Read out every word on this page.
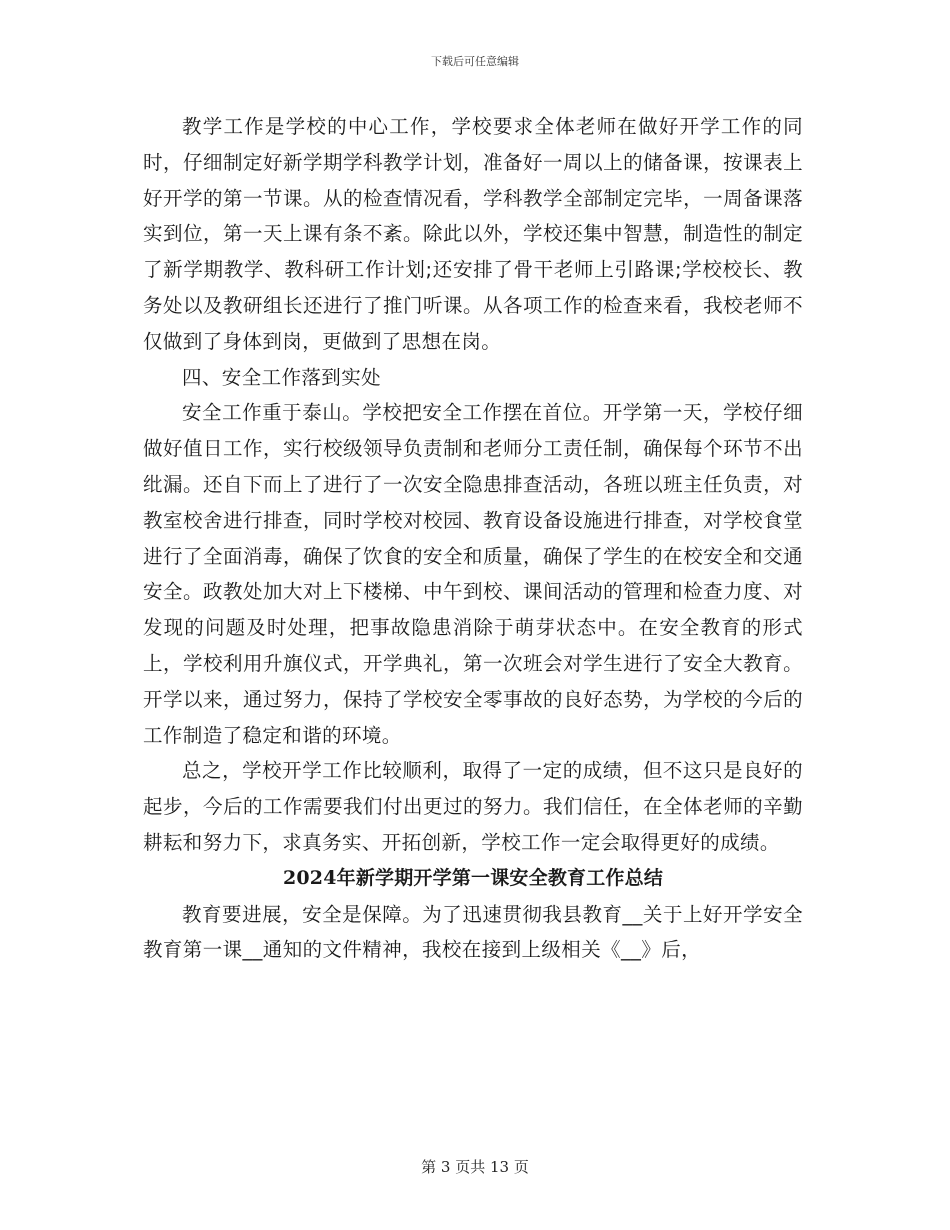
下载后可任意编辑

教学工作是学校的中心工作，学校要求全体老师在做好开学工作的同时，仔细制定好新学期学科教学计划，准备好一周以上的储备课，按课表上好开学的第一节课。从的检查情况看，学科教学全部制定完毕，一周备课落实到位，第一天上课有条不紊。除此以外，学校还集中智慧，制造性的制定了新学期教学、教科研工作计划;还安排了骨干老师上引路课;学校校长、教务处以及教研组长还进行了推门听课。从各项工作的检查来看，我校老师不仅做到了身体到岗，更做到了思想在岗。

四、安全工作落到实处

安全工作重于泰山。学校把安全工作摆在首位。开学第一天，学校仔细做好值日工作，实行校级领导负责制和老师分工责任制，确保每个环节不出纰漏。还自下而上了进行了一次安全隐患排查活动，各班以班主任负责，对教室校舍进行排查，同时学校对校园、教育设备设施进行排查，对学校食堂进行了全面消毒，确保了饮食的安全和质量，确保了学生的在校安全和交通安全。政教处加大对上下楼梯、中午到校、课间活动的管理和检查力度、对发现的问题及时处理，把事故隐患消除于萌芽状态中。在安全教育的形式上，学校利用升旗仪式，开学典礼，第一次班会对学生进行了安全大教育。开学以来，通过努力，保持了学校安全零事故的良好态势，为学校的今后的工作制造了稳定和谐的环境。

总之，学校开学工作比较顺利，取得了一定的成绩，但不这只是良好的起步，今后的工作需要我们付出更过的努力。我们信任，在全体老师的辛勤耕耘和努力下，求真务实、开拓创新，学校工作一定会取得更好的成绩。

2024年新学期开学第一课安全教育工作总结

教育要进展，安全是保障。为了迅速贯彻我县教育__关于上好开学安全教育第一课__通知的文件精神，我校在接到上级相关《__》后，

第 3 页共 13 页
